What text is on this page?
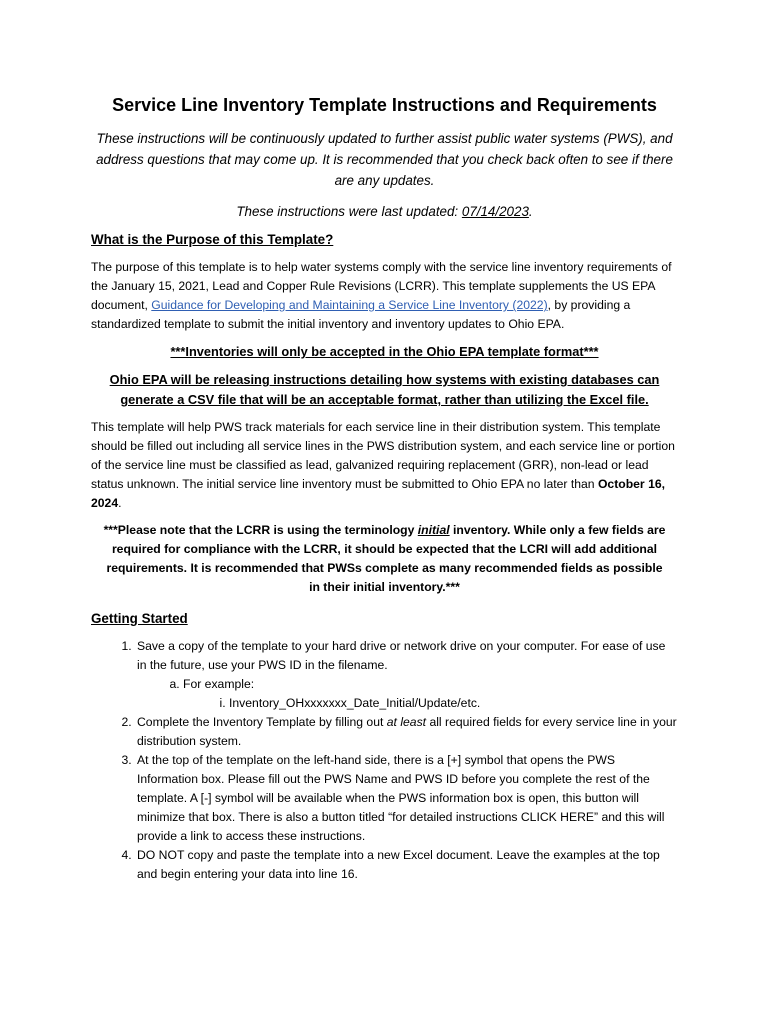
Service Line Inventory Template Instructions and Requirements

These instructions will be continuously updated to further assist public water systems (PWS), and address questions that may come up. It is recommended that you check back often to see if there are any updates.

These instructions were last updated: 07/14/2023.

What is the Purpose of this Template?

The purpose of this template is to help water systems comply with the service line inventory requirements of the January 15, 2021, Lead and Copper Rule Revisions (LCRR). This template supplements the US EPA document, Guidance for Developing and Maintaining a Service Line Inventory (2022), by providing a standardized template to submit the initial inventory and inventory updates to Ohio EPA.

***Inventories will only be accepted in the Ohio EPA template format***

Ohio EPA will be releasing instructions detailing how systems with existing databases can generate a CSV file that will be an acceptable format, rather than utilizing the Excel file.

This template will help PWS track materials for each service line in their distribution system. This template should be filled out including all service lines in the PWS distribution system, and each service line or portion of the service line must be classified as lead, galvanized requiring replacement (GRR), non-lead or lead status unknown. The initial service line inventory must be submitted to Ohio EPA no later than October 16, 2024.

***Please note that the LCRR is using the terminology initial inventory. While only a few fields are required for compliance with the LCRR, it should be expected that the LCRI will add additional requirements. It is recommended that PWSs complete as many recommended fields as possible in their initial inventory.***

Getting Started
1. Save a copy of the template to your hard drive or network drive on your computer. For ease of use in the future, use your PWS ID in the filename.
a. For example:
i. Inventory_OHxxxxxxx_Date_Initial/Update/etc.
2. Complete the Inventory Template by filling out at least all required fields for every service line in your distribution system.
3. At the top of the template on the left-hand side, there is a [+] symbol that opens the PWS Information box. Please fill out the PWS Name and PWS ID before you complete the rest of the template. A [-] symbol will be available when the PWS information box is open, this button will minimize that box. There is also a button titled “for detailed instructions CLICK HERE” and this will provide a link to access these instructions.
4. DO NOT copy and paste the template into a new Excel document. Leave the examples at the top and begin entering your data into line 16.
